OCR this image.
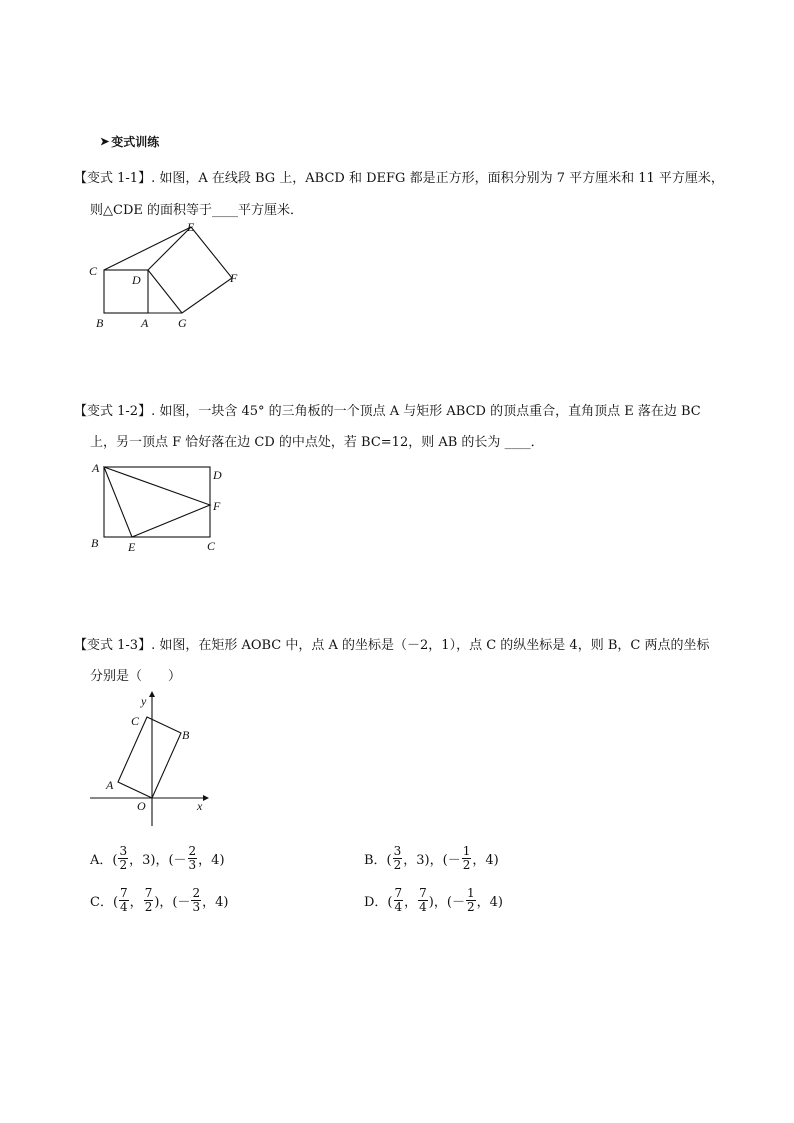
➤ 变式训练
【变式 1-1】. 如图，A 在线段 BG 上，ABCD 和 DEFG 都是正方形，面积分别为 7 平方厘米和 11 平方厘米，
则△CDE 的面积等于____平方厘米．
E
C
D	F
B	A G
【变式 1-2】. 如图，一块含 45° 的三角板的一个顶点 A 与矩形 ABCD 的顶点重合，直角顶点 E 落在边 BC
上，另一顶点 F 恰好落在边 CD 的中点处，若 BC=12，则 AB 的长为 ____．
A	D
F
B E	C
【变式 1-3】. 如图，在矩形 AOBC 中，点 A 的坐标是（－2，1），点 C 的纵坐标是 4，则 B，C 两点的坐标
分别是（　　）
y
C
B
A
O	x
A．( $\frac{3}{2}$ ，3)，(－ $\frac{2}{3}$ ，4)	B．( $\frac{3}{2}$ ，3)，(－ $\frac{1}{2}$ ，4)
C．( $\frac{7}{4}$ ， $\frac{7}{2}$ )，(－ $\frac{2}{3}$ ，4)	D．( $\frac{7}{4}$ ， $\frac{7}{4}$ )，(－ $\frac{1}{2}$ ，4)
